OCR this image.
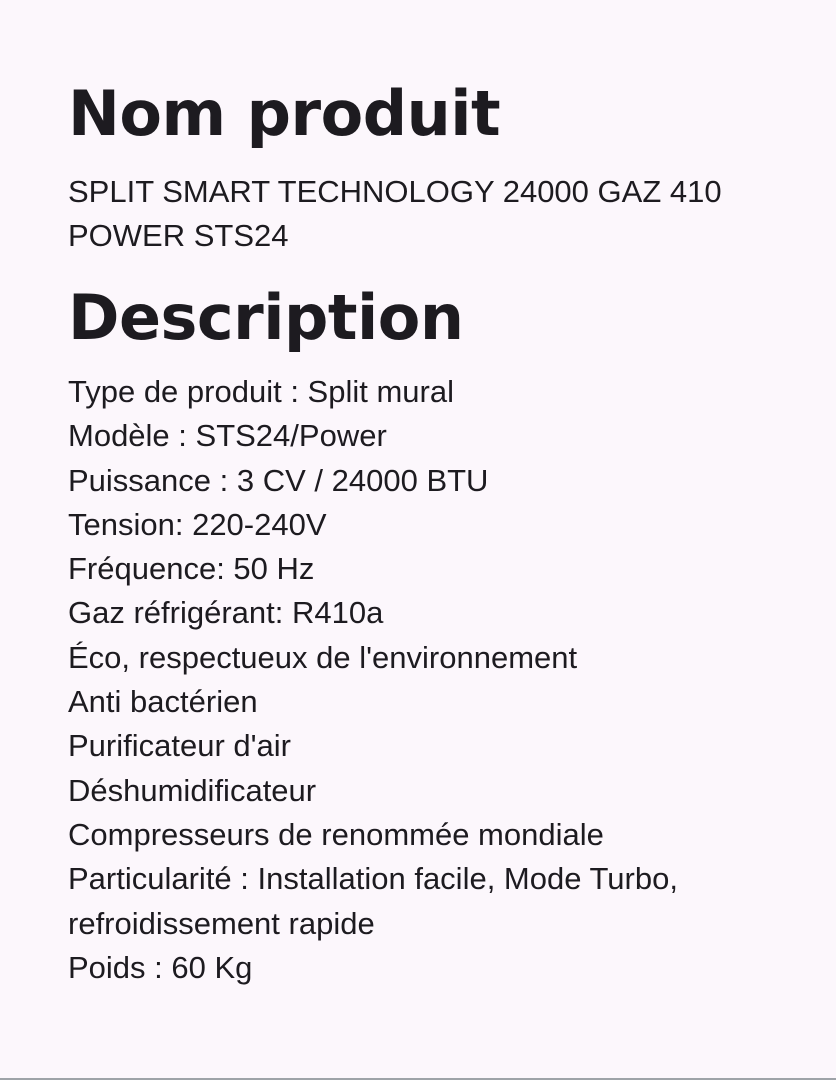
Nom produit

SPLIT SMART TECHNOLOGY 24000 GAZ 410 POWER STS24

Description
Type de produit : Split mural
Modèle : STS24/Power
Puissance : 3 CV / 24000 BTU
Tension: 220-240V
Fréquence: 50 Hz
Gaz réfrigérant: R410a
Éco, respectueux de l'environnement
Anti bactérien
Purificateur d'air
Déshumidificateur
Compresseurs de renommée mondiale
Particularité : Installation facile, Mode Turbo, refroidissement rapide
Poids : 60 Kg
